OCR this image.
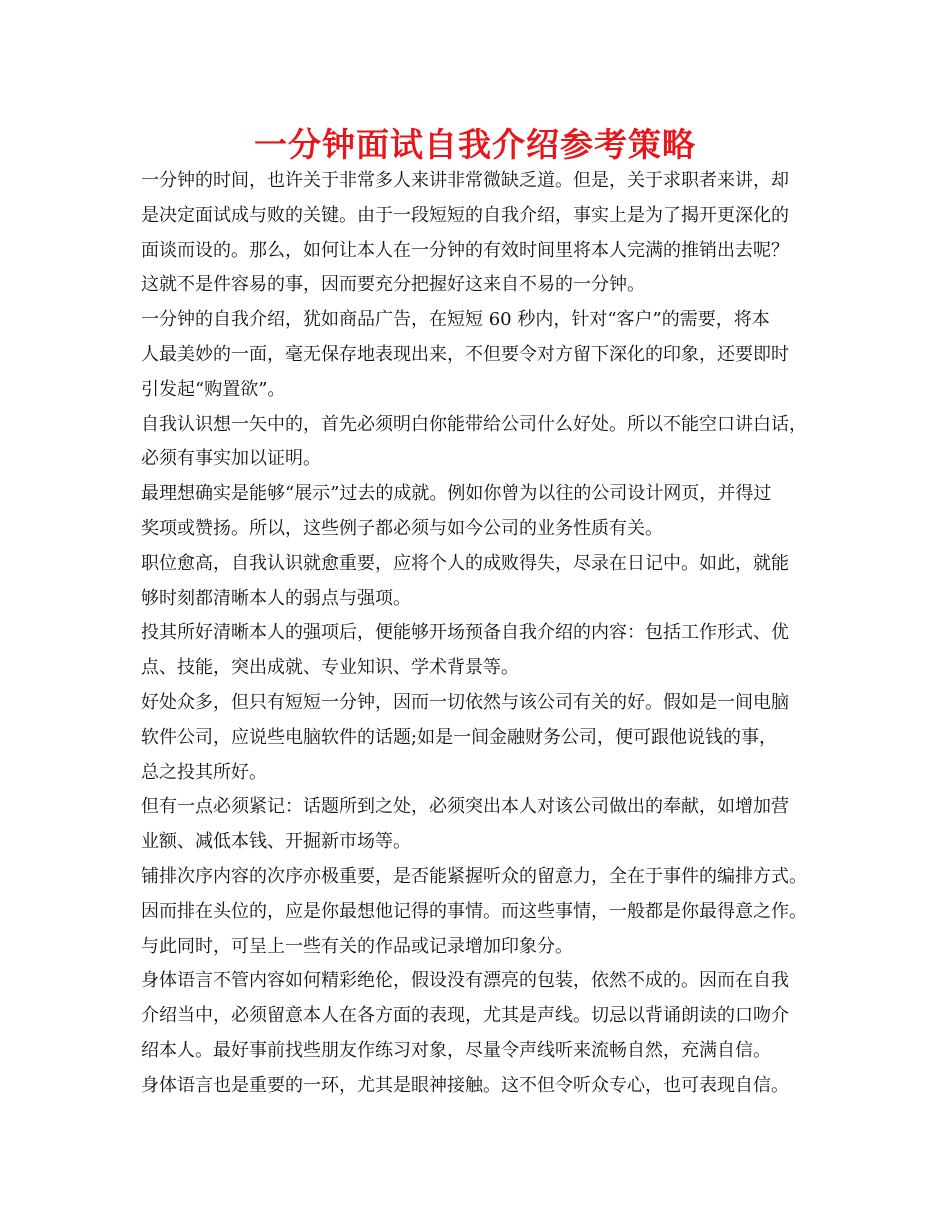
一分钟面试自我介绍参考策略
一分钟的时间，也许关于非常多人来讲非常微缺乏道。但是，关于求职者来讲，却
是决定面试成与败的关键。由于一段短短的自我介绍，事实上是为了揭开更深化的
面谈而设的。那么，如何让本人在一分钟的有效时间里将本人完满的推销出去呢？
这就不是件容易的事，因而要充分把握好这来自不易的一分钟。
一分钟的自我介绍，犹如商品广告，在短短 60 秒内，针对“客户”的需要，将本
人最美妙的一面，毫无保存地表现出来，不但要令对方留下深化的印象，还要即时
引发起“购置欲”。
自我认识想一矢中的，首先必须明白你能带给公司什么好处。所以不能空口讲白话，
必须有事实加以证明。
最理想确实是能够“展示”过去的成就。例如你曾为以往的公司设计网页，并得过
奖项或赞扬。所以，这些例子都必须与如今公司的业务性质有关。
职位愈高，自我认识就愈重要，应将个人的成败得失，尽录在日记中。如此，就能
够时刻都清晰本人的弱点与强项。
投其所好清晰本人的强项后，便能够开场预备自我介绍的内容：包括工作形式、优
点、技能，突出成就、专业知识、学术背景等。
好处众多，但只有短短一分钟，因而一切依然与该公司有关的好。假如是一间电脑
软件公司，应说些电脑软件的话题;如是一间金融财务公司，便可跟他说钱的事，
总之投其所好。
但有一点必须紧记：话题所到之处，必须突出本人对该公司做出的奉献，如增加营
业额、减低本钱、开掘新市场等。
铺排次序内容的次序亦极重要，是否能紧握听众的留意力，全在于事件的编排方式。
因而排在头位的，应是你最想他记得的事情。而这些事情，一般都是你最得意之作。
与此同时，可呈上一些有关的作品或记录增加印象分。
身体语言不管内容如何精彩绝伦，假设没有漂亮的包装，依然不成的。因而在自我
介绍当中，必须留意本人在各方面的表现，尤其是声线。切忌以背诵朗读的口吻介
绍本人。最好事前找些朋友作练习对象，尽量令声线听来流畅自然，充满自信。
身体语言也是重要的一环，尤其是眼神接触。这不但令听众专心，也可表现自信。
